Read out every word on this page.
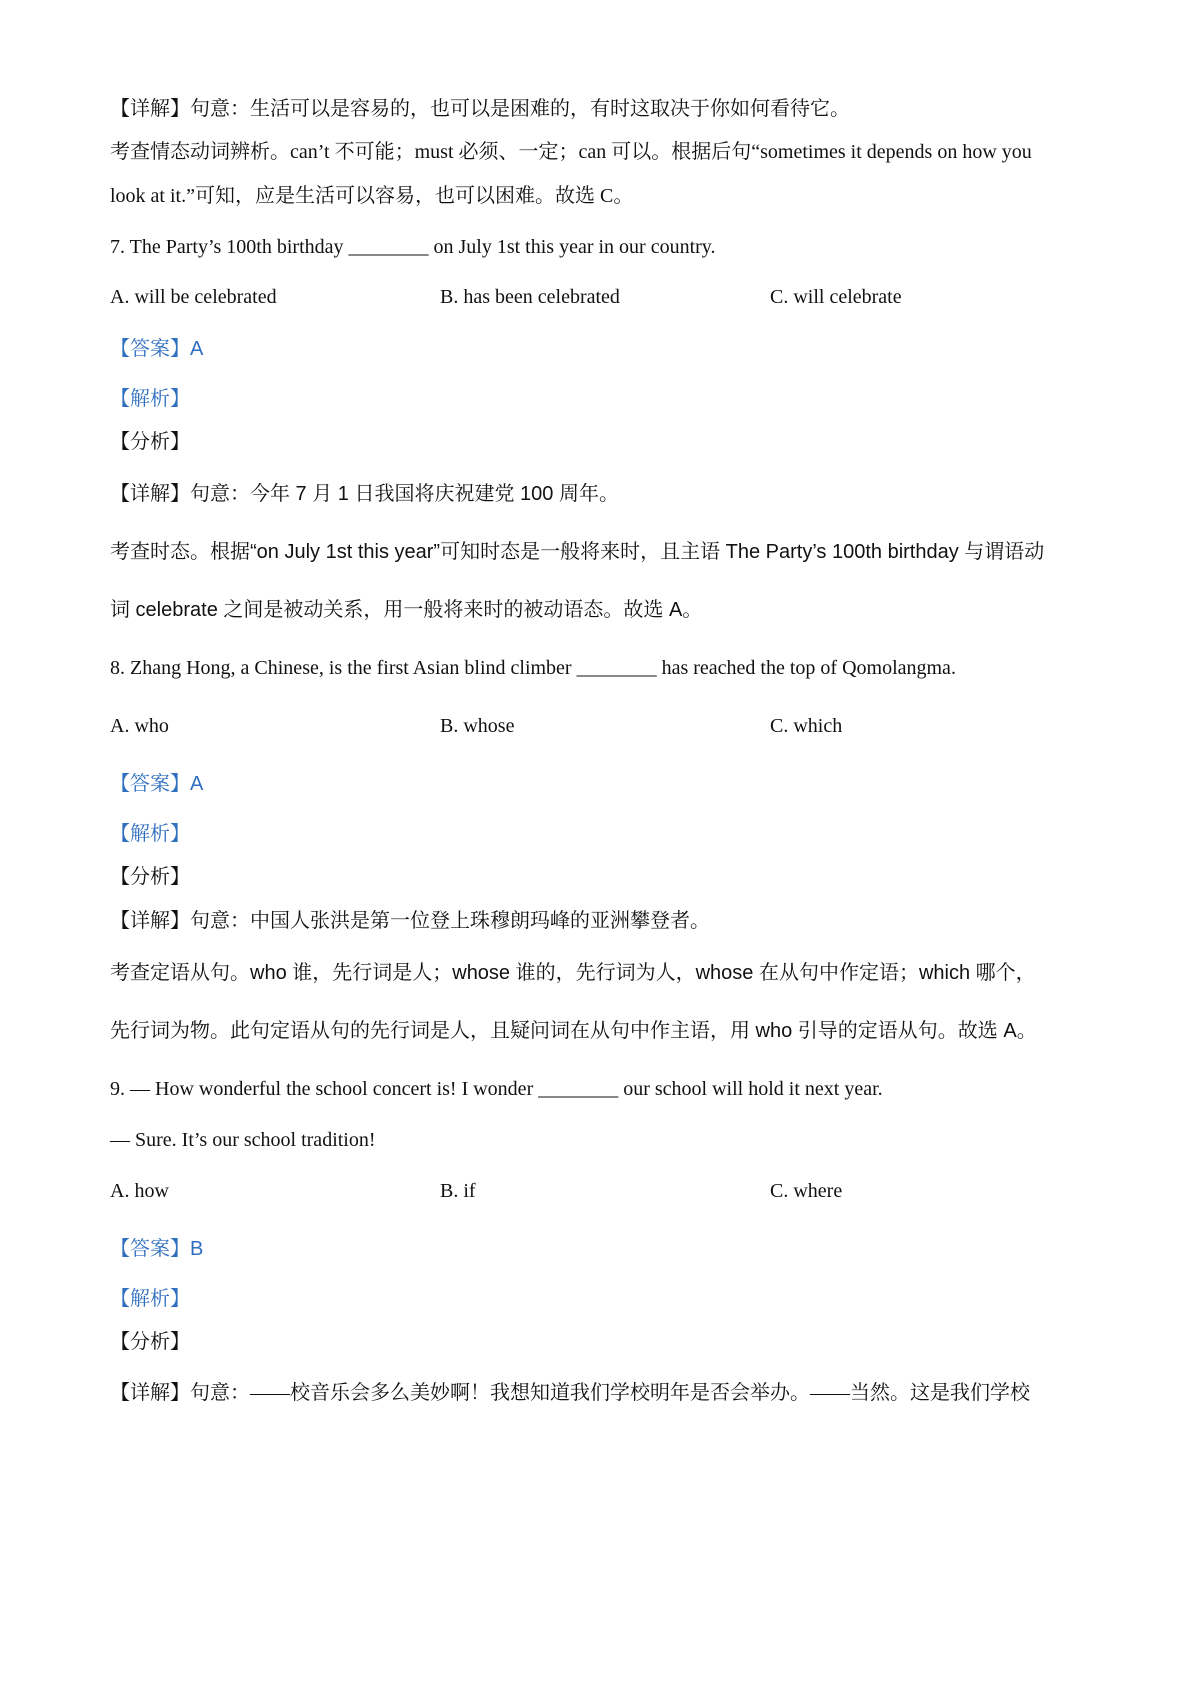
【详解】句意：生活可以是容易的，也可以是困难的，有时这取决于你如何看待它。
考查情态动词辨析。can’t 不可能；must 必须、一定；can 可以。根据后句“sometimes it depends on how you
look at it.”可知，应是生活可以容易，也可以困难。故选 C。
7. The Party’s 100th birthday ________ on July 1st this year in our country.
A. will be celebrated	B. has been celebrated	C. will celebrate
【答案】A
【解析】
【分析】
【详解】句意：今年 7 月 1 日我国将庆祝建党 100 周年。
考查时态。根据“on July 1st this year”可知时态是一般将来时，且主语 The Party’s 100th birthday 与谓语动
词 celebrate 之间是被动关系，用一般将来时的被动语态。故选 A。
8. Zhang Hong, a Chinese, is the first Asian blind climber ________ has reached the top of Qomolangma.
A. who	B. whose	C. which
【答案】A
【解析】
【分析】
【详解】句意：中国人张洪是第一位登上珠穆朗玛峰的亚洲攀登者。
考查定语从句。who 谁，先行词是人；whose 谁的，先行词为人，whose 在从句中作定语；which 哪个，
先行词为物。此句定语从句的先行词是人，且疑问词在从句中作主语，用 who 引导的定语从句。故选 A。
9. — How wonderful the school concert is! I wonder ________ our school will hold it next year.
— Sure. It’s our school tradition!
A. how	B. if	C. where
【答案】B
【解析】
【分析】
【详解】句意：——校音乐会多么美妙啊！我想知道我们学校明年是否会举办。——当然。这是我们学校
